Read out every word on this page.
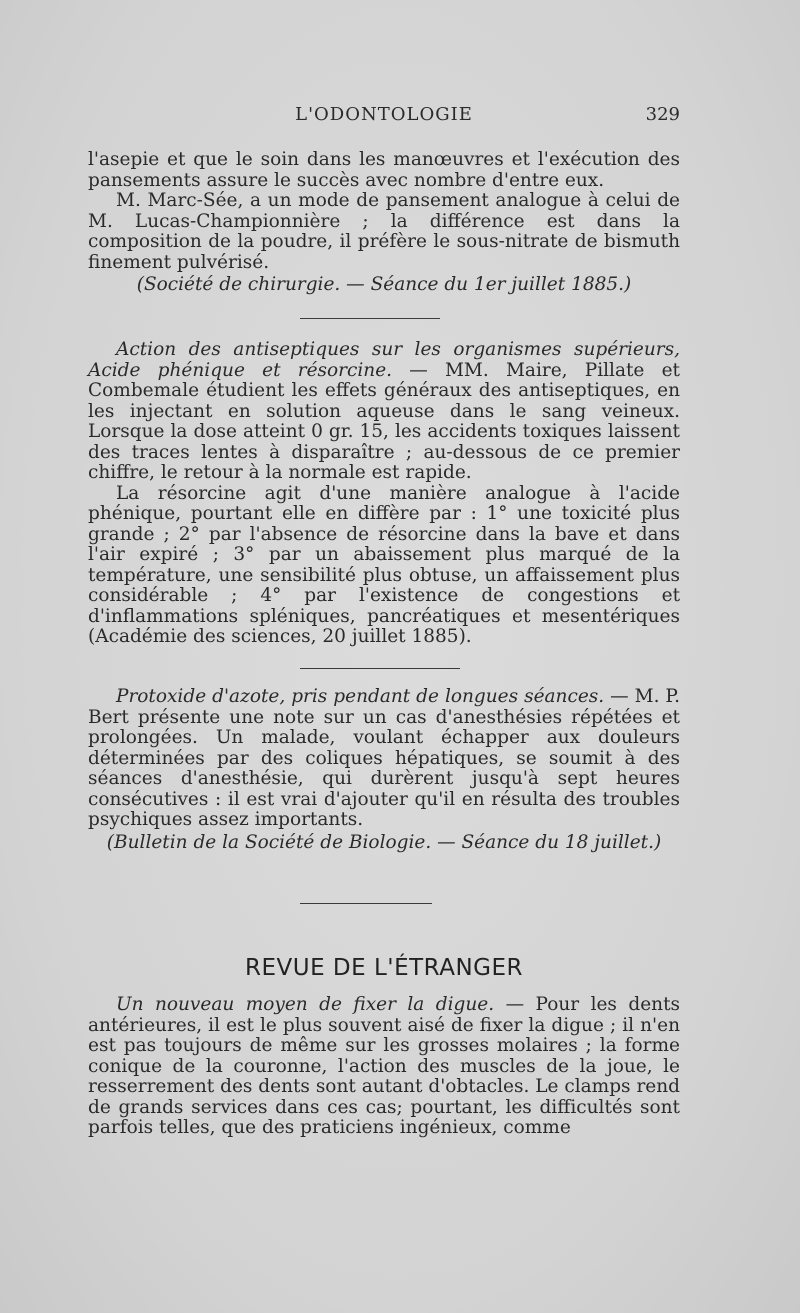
L'ODONTOLOGIE	329

l'asepie et que le soin dans les manœuvres et l'exécution des pansements assure le succès avec nombre d'entre eux.

M. Marc-Sée, a un mode de pansement analogue à celui de M. Lucas-Championnière ; la différence est dans la composition de la poudre, il préfère le sous-nitrate de bismuth finement pulvérisé.

(Société de chirurgie. — Séance du 1er juillet 1885.)

Action des antiseptiques sur les organismes supérieurs, Acide phénique et résorcine. — MM. Maire, Pillate et Combemale étudient les effets généraux des antiseptiques, en les injectant en solution aqueuse dans le sang veineux. Lorsque la dose atteint 0 gr. 15, les accidents toxiques laissent des traces lentes à disparaître ; au-dessous de ce premier chiffre, le retour à la normale est rapide.

La résorcine agit d'une manière analogue à l'acide phénique, pourtant elle en diffère par : 1° une toxicité plus grande ; 2° par l'absence de résorcine dans la bave et dans l'air expiré ; 3° par un abaissement plus marqué de la température, une sensibilité plus obtuse, un affaissement plus considérable ; 4° par l'existence de congestions et d'inflammations spléniques, pancréatiques et mesentériques (Académie des sciences, 20 juillet 1885).

Protoxide d'azote, pris pendant de longues séances. — M. P. Bert présente une note sur un cas d'anesthésies répétées et prolongées. Un malade, voulant échapper aux douleurs déterminées par des coliques hépatiques, se soumit à des séances d'anesthésie, qui durèrent jusqu'à sept heures consécutives : il est vrai d'ajouter qu'il en résulta des troubles psychiques assez importants.

(Bulletin de la Société de Biologie. — Séance du 18 juillet.)

REVUE DE L'ÉTRANGER

Un nouveau moyen de fixer la digue. — Pour les dents antérieures, il est le plus souvent aisé de fixer la digue ; il n'en est pas toujours de même sur les grosses molaires ; la forme conique de la couronne, l'action des muscles de la joue, le resserrement des dents sont autant d'obtacles. Le clamps rend de grands services dans ces cas; pourtant, les difficultés sont parfois telles, que des praticiens ingénieux, comme
